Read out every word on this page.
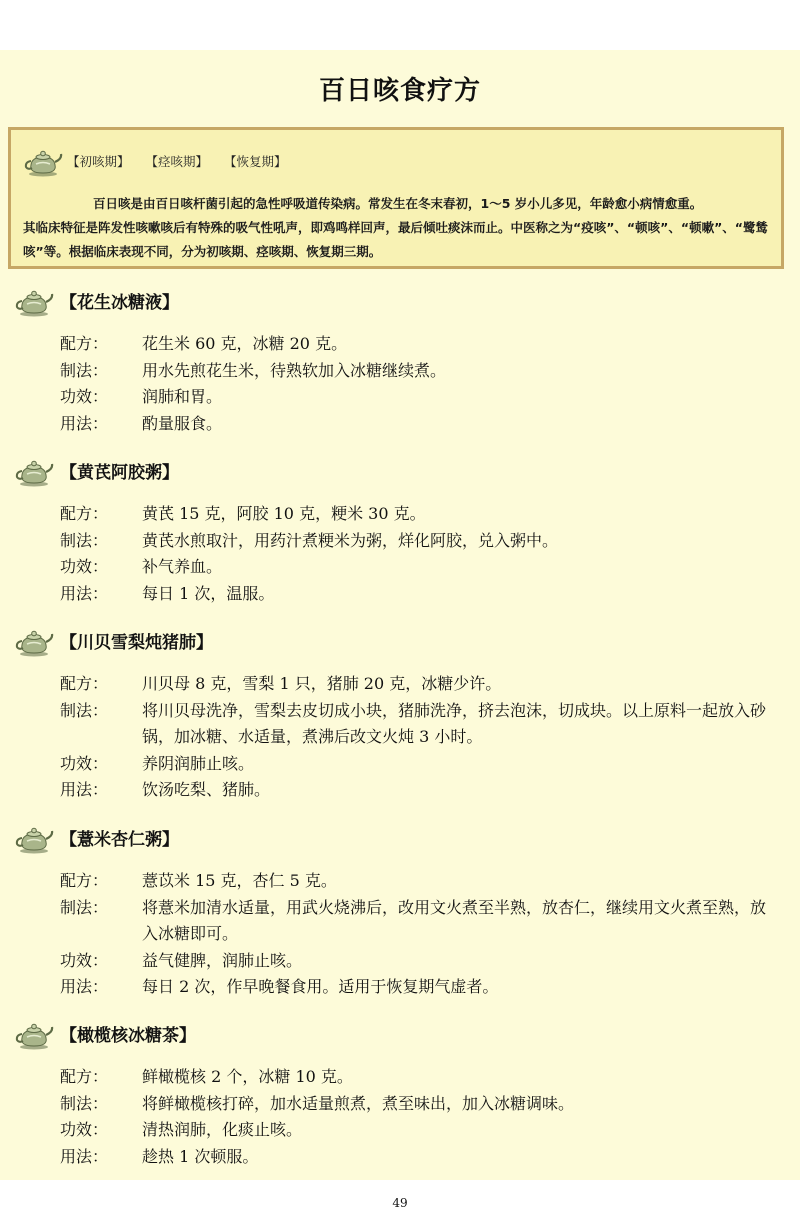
百日咳食疗方
【初咳期】 【痉咳期】 【恢复期】
百日咳是由百日咳杆菌引起的急性呼吸道传染病。常发生在冬末春初，1～5 岁小儿多见，年龄愈小病情愈重。
其临床特征是阵发性咳嗽咳后有特殊的吸气性吼声，即鸡鸣样回声，最后倾吐痰沫而止。中医称之为“疫咳”、“顿咳”、“顿嗽”、“鹭鸶咳”等。根据临床表现不同，分为初咳期、痉咳期、恢复期三期。
【花生冰糖液】
配方：	花生米 60 克，冰糖 20 克。
制法：	用水先煎花生米，待熟软加入冰糖继续煮。
功效：	润肺和胃。
用法：	酌量服食。
【黄芪阿胶粥】
配方：	黄芪 15 克，阿胶 10 克，粳米 30 克。
制法：	黄芪水煎取汁，用药汁煮粳米为粥，烊化阿胶，兑入粥中。
功效：	补气养血。
用法：	每日 1 次，温服。
【川贝雪梨炖猪肺】
配方：	川贝母 8 克，雪梨 1 只，猪肺 20 克，冰糖少许。
制法：	将川贝母洗净，雪梨去皮切成小块，猪肺洗净，挤去泡沫，切成块。以上原料一起放入砂锅，加冰糖、水适量，煮沸后改文火炖 3 小时。
功效：	养阴润肺止咳。
用法：	饮汤吃梨、猪肺。
【薏米杏仁粥】
配方：	薏苡米 15 克，杏仁 5 克。
制法：	将薏米加清水适量，用武火烧沸后，改用文火煮至半熟，放杏仁，继续用文火煮至熟，放入冰糖即可。
功效：	益气健脾，润肺止咳。
用法：	每日 2 次，作早晚餐食用。适用于恢复期气虚者。
【橄榄核冰糖茶】
配方：	鲜橄榄核 2 个，冰糖 10 克。
制法：	将鲜橄榄核打碎，加水适量煎煮，煮至味出，加入冰糖调味。
功效：	清热润肺，化痰止咳。
用法：	趁热 1 次顿服。
49
